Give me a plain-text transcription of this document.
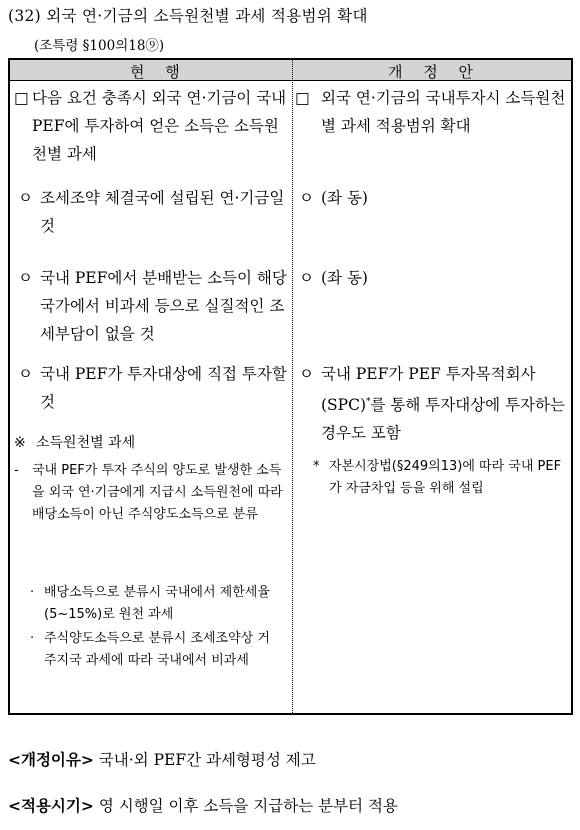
(32) 외국 연·기금의 소득원천별 과세 적용범위 확대
(조특령 §100의18⑨)
현 행	개 정 안
□ 다음 요건 충족시 외국 연·기금이 국내 PEF에 투자하여 얻은 소득은 소득원천별 과세
ㅇ 조세조약 체결국에 설립된 연·기금일 것
ㅇ 국내 PEF에서 분배받는 소득이 해당 국가에서 비과세 등으로 실질적인 조세부담이 없을 것
ㅇ 국내 PEF가 투자대상에 직접 투자할 것
※ 소득원천별 과세
-	국내 PEF가 투자 주식의 양도로 발생한 소득을 외국 연·기금에게 지급시 소득원천에 따라 배당소득이 아닌 주식양도소득으로 분류
· 배당소득으로 분류시 국내에서 제한세율(5~15%)로 원천 과세
· 주식양도소득으로 분류시 조세조약상 거주지국 과세에 따라 국내에서 비과세
□ 외국 연·기금의 국내투자시 소득원천별 과세 적용범위 확대
ㅇ (좌 동)
ㅇ (좌 동)
ㅇ 국내 PEF가 PEF 투자목적회사(SPC)*를 통해 투자대상에 투자하는 경우도 포함
* 자본시장법(§249의13)에 따라 국내 PEF가 자금차입 등을 위해 설립
<개정이유> 국내·외 PEF간 과세형평성 제고
<적용시기> 영 시행일 이후 소득을 지급하는 분부터 적용
